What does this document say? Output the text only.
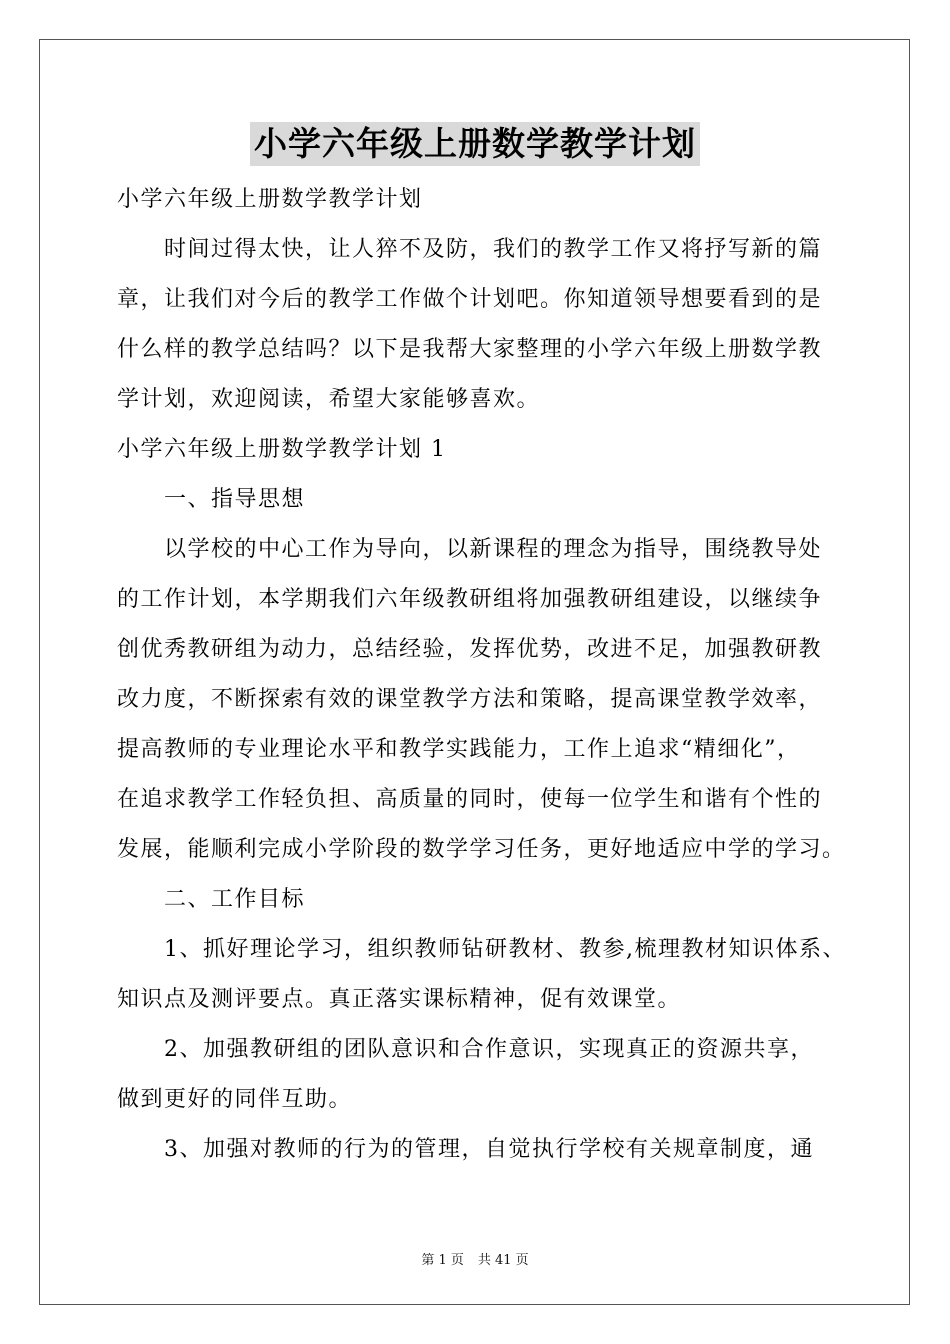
小学六年级上册数学教学计划

小学六年级上册数学教学计划

时间过得太快，让人猝不及防，我们的教学工作又将抒写新的篇

章，让我们对今后的教学工作做个计划吧。你知道领导想要看到的是

什么样的教学总结吗？以下是我帮大家整理的小学六年级上册数学教

学计划，欢迎阅读，希望大家能够喜欢。

小学六年级上册数学教学计划 1

一、指导思想

以学校的中心工作为导向，以新课程的理念为指导，围绕教导处

的工作计划，本学期我们六年级教研组将加强教研组建设，以继续争

创优秀教研组为动力，总结经验，发挥优势，改进不足，加强教研教

改力度，不断探索有效的课堂教学方法和策略，提高课堂教学效率，

提高教师的专业理论水平和教学实践能力，工作上追求“精细化”，

在追求教学工作轻负担、高质量的同时，使每一位学生和谐有个性的

发展，能顺利完成小学阶段的数学学习任务，更好地适应中学的学习。

二、工作目标

1、抓好理论学习，组织教师钻研教材、教参,梳理教材知识体系、

知识点及测评要点。真正落实课标精神，促有效课堂。

2、加强教研组的团队意识和合作意识，实现真正的资源共享，

做到更好的同伴互助。

3、加强对教师的行为的管理，自觉执行学校有关规章制度，通

第 1 页 共 41 页
